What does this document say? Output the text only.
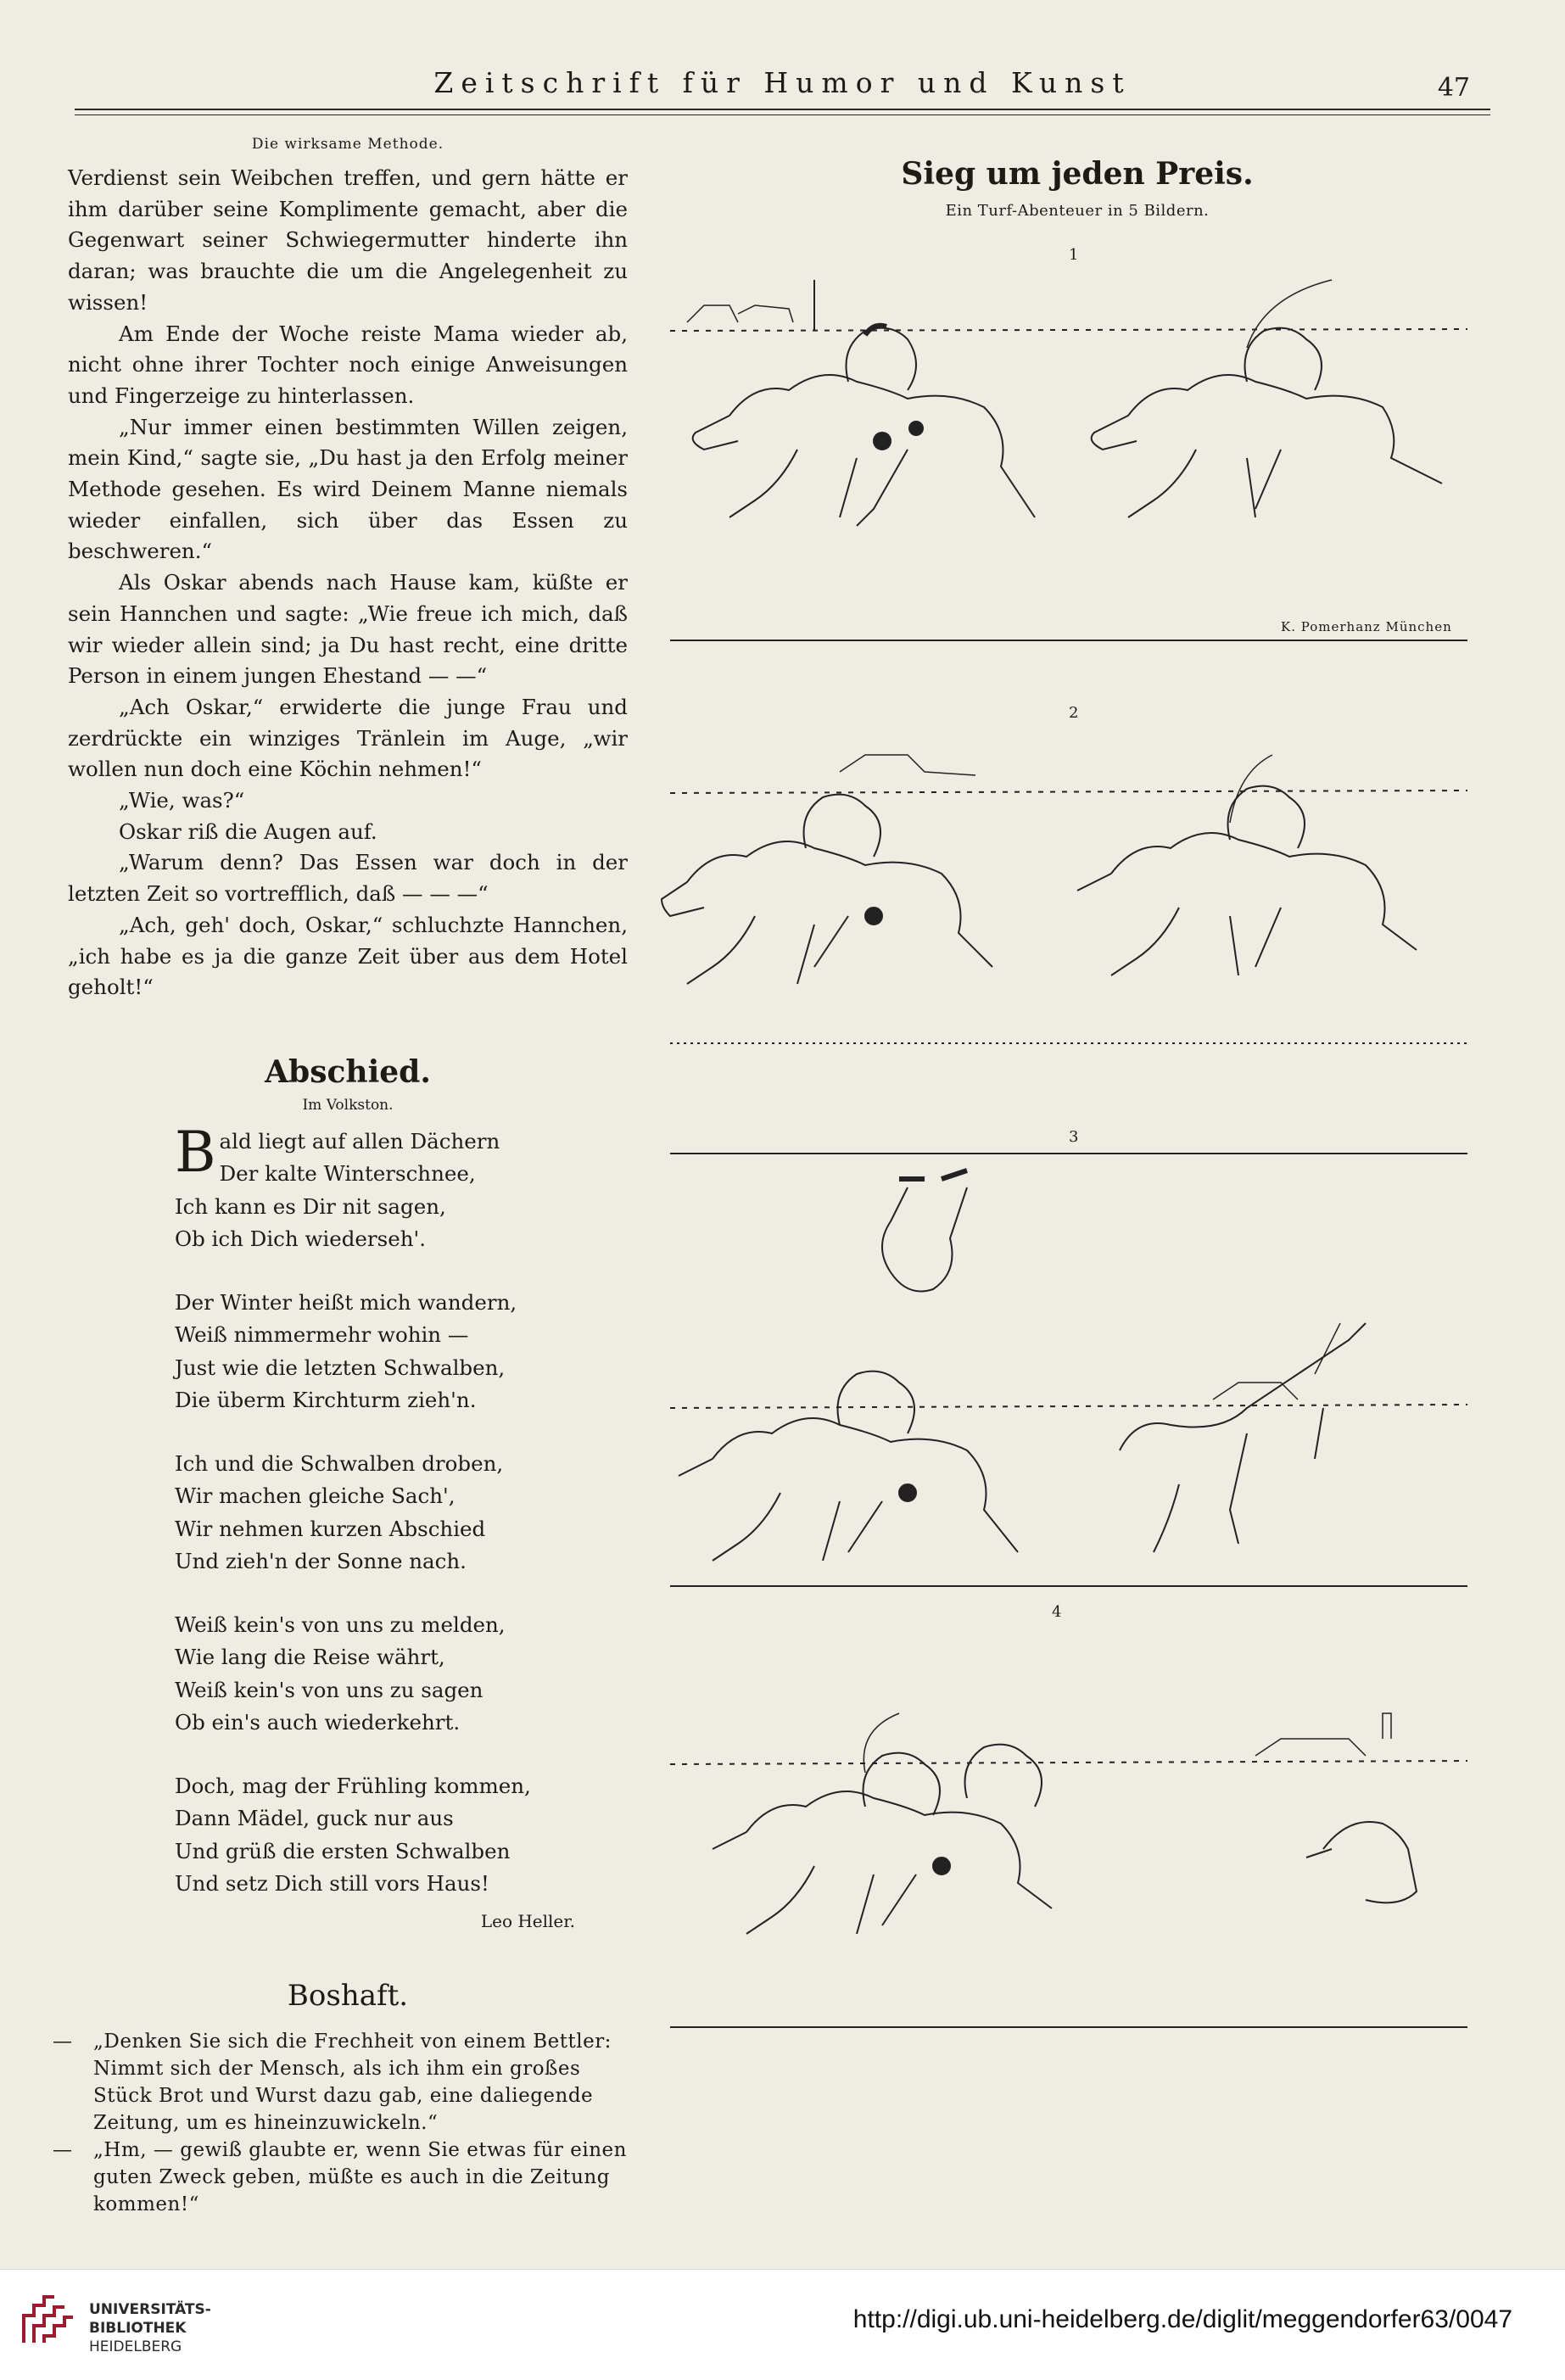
Zeitschrift für Humor und Kunst	47
Die wirksame Methode.

Verdienst sein Weibchen treffen, und gern hätte er ihm darüber seine Komplimente gemacht, aber die Gegenwart seiner Schwiegermutter hinderte ihn daran; was brauchte die um die Angelegenheit zu wissen!

Am Ende der Woche reiste Mama wieder ab, nicht ohne ihrer Tochter noch einige Anweisungen und Fingerzeige zu hinterlassen.

„Nur immer einen bestimmten Willen zeigen, mein Kind,“ sagte sie, „Du hast ja den Erfolg meiner Methode gesehen. Es wird Deinem Manne niemals wieder einfallen, sich über das Essen zu beschweren.“

Als Oskar abends nach Hause kam, küßte er sein Hannchen und sagte: „Wie freue ich mich, daß wir wieder allein sind; ja Du hast recht, eine dritte Person in einem jungen Ehestand — —“

„Ach Oskar,“ erwiderte die junge Frau und zerdrückte ein winziges Tränlein im Auge, „wir wollen nun doch eine Köchin nehmen!“

„Wie, was?“

Oskar riß die Augen auf.

„Warum denn? Das Essen war doch in der letzten Zeit so vortrefflich, daß — — —“

„Ach, geh' doch, Oskar,“ schluchzte Hannchen, „ich habe es ja die ganze Zeit über aus dem Hotel geholt!“

Abschied.
Im Volkston.
Bald liegt auf allen Dächern
Der kalte Winterschnee,
Ich kann es Dir nit sagen,
Ob ich Dich wiederseh'.
Der Winter heißt mich wandern,
Weiß nimmermehr wohin —
Just wie die letzten Schwalben,
Die überm Kirchturm zieh'n.
Ich und die Schwalben droben,
Wir machen gleiche Sach',
Wir nehmen kurzen Abschied
Und zieh'n der Sonne nach.
Weiß kein's von uns zu melden,
Wie lang die Reise währt,
Weiß kein's von uns zu sagen
Ob ein's auch wiederkehrt.
Doch, mag der Frühling kommen,
Dann Mädel, guck nur aus
Und grüß die ersten Schwalben
Und setz Dich still vors Haus!
Leo Heller.
Boshaft.

— „Denken Sie sich die Frechheit von einem Bettler: Nimmt sich der Mensch, als ich ihm ein großes Stück Brot und Wurst dazu gab, eine daliegende Zeitung, um es hineinzuwickeln.“

— „Hm, — gewiß glaubte er, wenn Sie etwas für einen guten Zweck geben, müßte es auch in die Zeitung kommen!“

Sieg um jeden Preis.
Ein Turf-Abenteuer in 5 Bildern.
1
K. Pomerhanz München
2
3
4
UNIVERSITÄTS-
BIBLIOTHEK
HEIDELBERG
http://digi.ub.uni-heidelberg.de/diglit/meggendorfer63/0047
